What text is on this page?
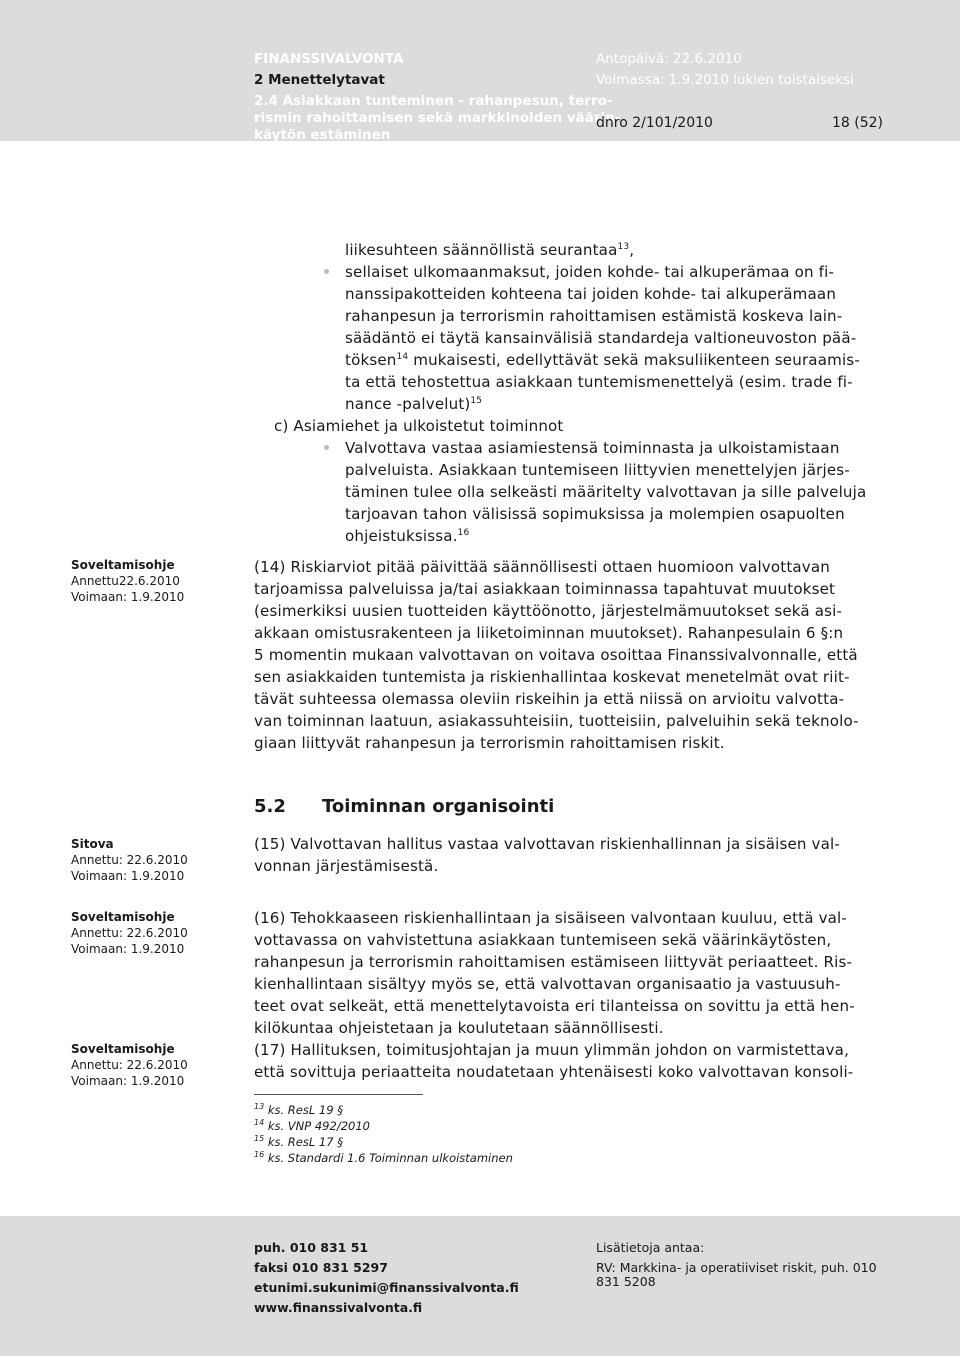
FINANSSIVALVONTA
2 Menettelytavat
2.4 Asiakkaan tunteminen - rahanpesun, terro-
rismin rahoittamisen sekä markkinoiden väärin-
käytön estäminen
Antopäivä: 22.6.2010
Voimassa: 1.9.2010 lukien toistaiseksi
dnro 2/101/2010	18 (52)
liikesuhteen säännöllistä seurantaa$^{13}$,
sellaiset ulkomaanmaksut, joiden kohde- tai alkuperämaa on fi-
nanssipakotteiden kohteena tai joiden kohde- tai alkuperämaan
rahanpesun ja terrorismin rahoittamisen estämistä koskeva lain-
säädäntö ei täytä kansainvälisiä standardeja valtioneuvoston pää-
töksen$^{14}$ mukaisesti, edellyttävät sekä maksuliikenteen seuraamis-
ta että tehostettua asiakkaan tuntemismenettelyä (esim. trade fi-
nance -palvelut)$^{15}$
c) Asiamiehet ja ulkoistetut toiminnot
Valvottava vastaa asiamiestensä toiminnasta ja ulkoistamistaan
palveluista. Asiakkaan tuntemiseen liittyvien menettelyjen järjes-
täminen tulee olla selkeästi määritelty valvottavan ja sille palveluja
tarjoavan tahon välisissä sopimuksissa ja molempien osapuolten
ohjeistuksissa.$^{16}$
Soveltamisohje
Annettu22.6.2010
Voimaan: 1.9.2010
(14) Riskiarviot pitää päivittää säännöllisesti ottaen huomioon valvottavan
tarjoamissa palveluissa ja/tai asiakkaan toiminnassa tapahtuvat muutokset
(esimerkiksi uusien tuotteiden käyttöönotto, järjestelmämuutokset sekä asi-
akkaan omistusrakenteen ja liiketoiminnan muutokset). Rahanpesulain 6 §:n
5 momentin mukaan valvottavan on voitava osoittaa Finanssivalvonnalle, että
sen asiakkaiden tuntemista ja riskienhallintaa koskevat menetelmät ovat riit-
tävät suhteessa olemassa oleviin riskeihin ja että niissä on arvioitu valvotta-
van toiminnan laatuun, asiakassuhteisiin, tuotteisiin, palveluihin sekä teknolo-
giaan liittyvät rahanpesun ja terrorismin rahoittamisen riskit.
5.2 Toiminnan organisointi
Sitova
Annettu: 22.6.2010
Voimaan: 1.9.2010
(15) Valvottavan hallitus vastaa valvottavan riskienhallinnan ja sisäisen val-
vonnan järjestämisestä.
Soveltamisohje
Annettu: 22.6.2010
Voimaan: 1.9.2010
(16) Tehokkaaseen riskienhallintaan ja sisäiseen valvontaan kuuluu, että val-
vottavassa on vahvistettuna asiakkaan tuntemiseen sekä väärinkäytösten,
rahanpesun ja terrorismin rahoittamisen estämiseen liittyvät periaatteet. Ris-
kienhallintaan sisältyy myös se, että valvottavan organisaatio ja vastuusuh-
teet ovat selkeät, että menettelytavoista eri tilanteissa on sovittu ja että hen-
kilökuntaa ohjeistetaan ja koulutetaan säännöllisesti.
Soveltamisohje
Annettu: 22.6.2010
Voimaan: 1.9.2010
(17) Hallituksen, toimitusjohtajan ja muun ylimmän johdon on varmistettava,
että sovittuja periaatteita noudatetaan yhtenäisesti koko valvottavan konsoli-
$^{13}$ ks. ResL 19 §
$^{14}$ ks. VNP 492/2010
$^{15}$ ks. ResL 17 §
$^{16}$ ks. Standardi 1.6 Toiminnan ulkoistaminen
puh. 010 831 51
faksi 010 831 5297
etunimi.sukunimi@finanssivalvonta.fi
www.finanssivalvonta.fi
Lisätietoja antaa:
RV: Markkina- ja operatiiviset riskit, puh. 010
831 5208
